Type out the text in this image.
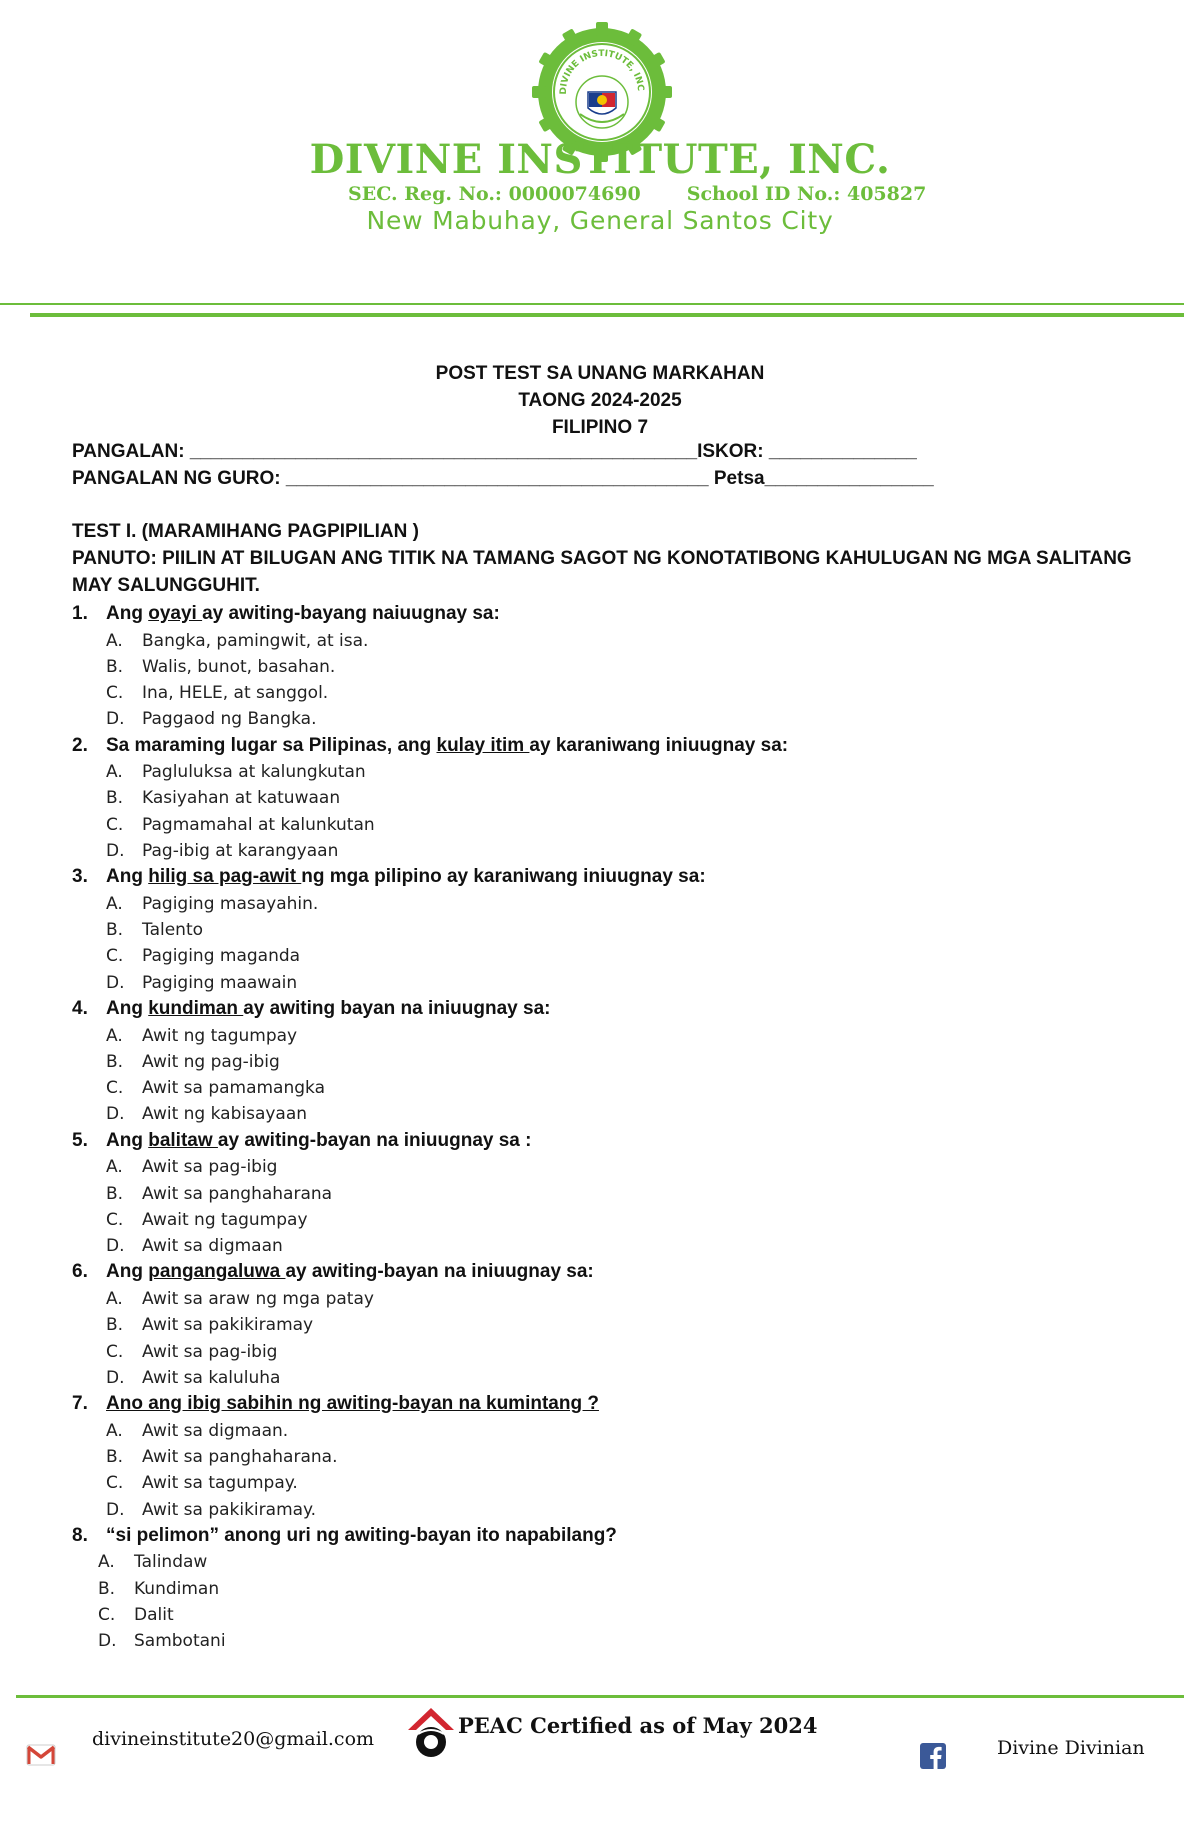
DIVINE INSTITUTE, INC
DIVINE INSTITUTE, INC.
SEC. Reg. No.: 0000074690 School ID No.: 405827
New Mabuhay, General Santos City
POST TEST SA UNANG MARKAHAN
TAONG 2024-2025
FILIPINO 7
PANGALAN: ________________________________________________ISKOR: ______________
PANGALAN NG GURO: ________________________________________ Petsa________________
TEST I. (MARAMIHANG PAGPIPILIAN )
PANUTO: PIILIN AT BILUGAN ANG TITIK NA TAMANG SAGOT NG KONOTATIBONG KAHULUGAN NG MGA SALITANG
MAY SALUNGGUHIT.
1. Ang oyayi ay awiting-bayang naiuugnay sa:
A. Bangka, pamingwit, at isa.
B. Walis, bunot, basahan.
C. Ina, HELE, at sanggol.
D. Paggaod ng Bangka.
2. Sa maraming lugar sa Pilipinas, ang kulay itim ay karaniwang iniuugnay sa:
A. Pagluluksa at kalungkutan
B. Kasiyahan at katuwaan
C. Pagmamahal at kalunkutan
D. Pag-ibig at karangyaan
3. Ang hilig sa pag-awit ng mga pilipino ay karaniwang iniuugnay sa:
A. Pagiging masayahin.
B. Talento
C. Pagiging maganda
D. Pagiging maawain
4. Ang kundiman ay awiting bayan na iniuugnay sa:
A. Awit ng tagumpay
B. Awit ng pag-ibig
C. Awit sa pamamangka
D. Awit ng kabisayaan
5. Ang balitaw ay awiting-bayan na iniuugnay sa :
A. Awit sa pag-ibig
B. Awit sa panghaharana
C. Await ng tagumpay
D. Awit sa digmaan
6. Ang pangangaluwa ay awiting-bayan na iniuugnay sa:
A. Awit sa araw ng mga patay
B. Awit sa pakikiramay
C. Awit sa pag-ibig
D. Awit sa kaluluha
7. Ano ang ibig sabihin ng awiting-bayan na kumintang ?
A. Awit sa digmaan.
B. Awit sa panghaharana.
C. Awit sa tagumpay.
D. Awit sa pakikiramay.
8. “si pelimon” anong uri ng awiting-bayan ito napabilang?
A. Talindaw
B. Kundiman
C. Dalit
D. Sambotani
divineinstitute20@gmail.com
PEAC Certified as of May 2024
Divine Divinian
